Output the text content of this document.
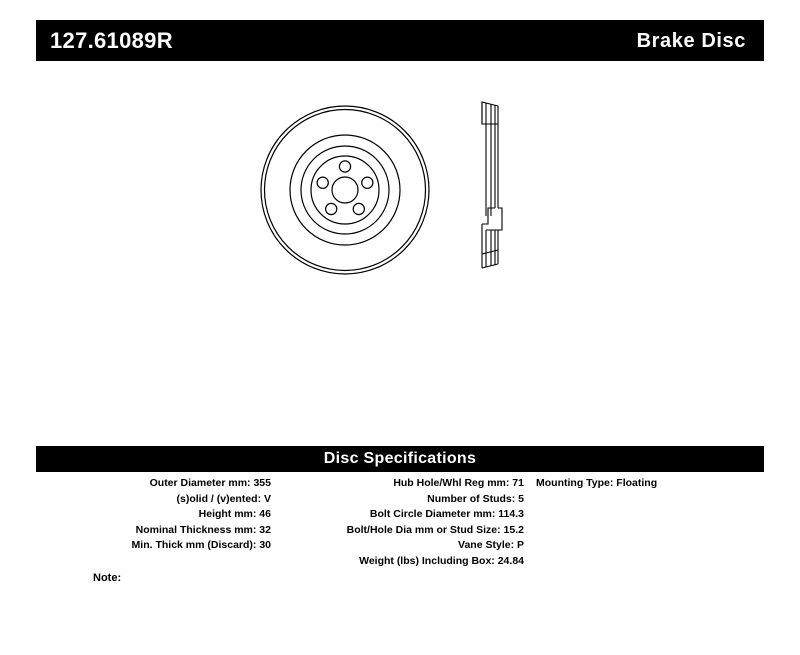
127.61089R	Brake Disc
Disc Specifications
Outer Diameter mm: 355
(s)olid / (v)ented: V
Height mm: 46
Nominal Thickness mm: 32
Min. Thick mm (Discard): 30
Hub Hole/Whl Reg mm: 71
Number of Studs: 5
Bolt Circle Diameter mm: 114.3
Bolt/Hole Dia mm or Stud Size: 15.2
Vane Style: P
Weight (lbs) Including Box: 24.84
Mounting Type: Floating
Note:
